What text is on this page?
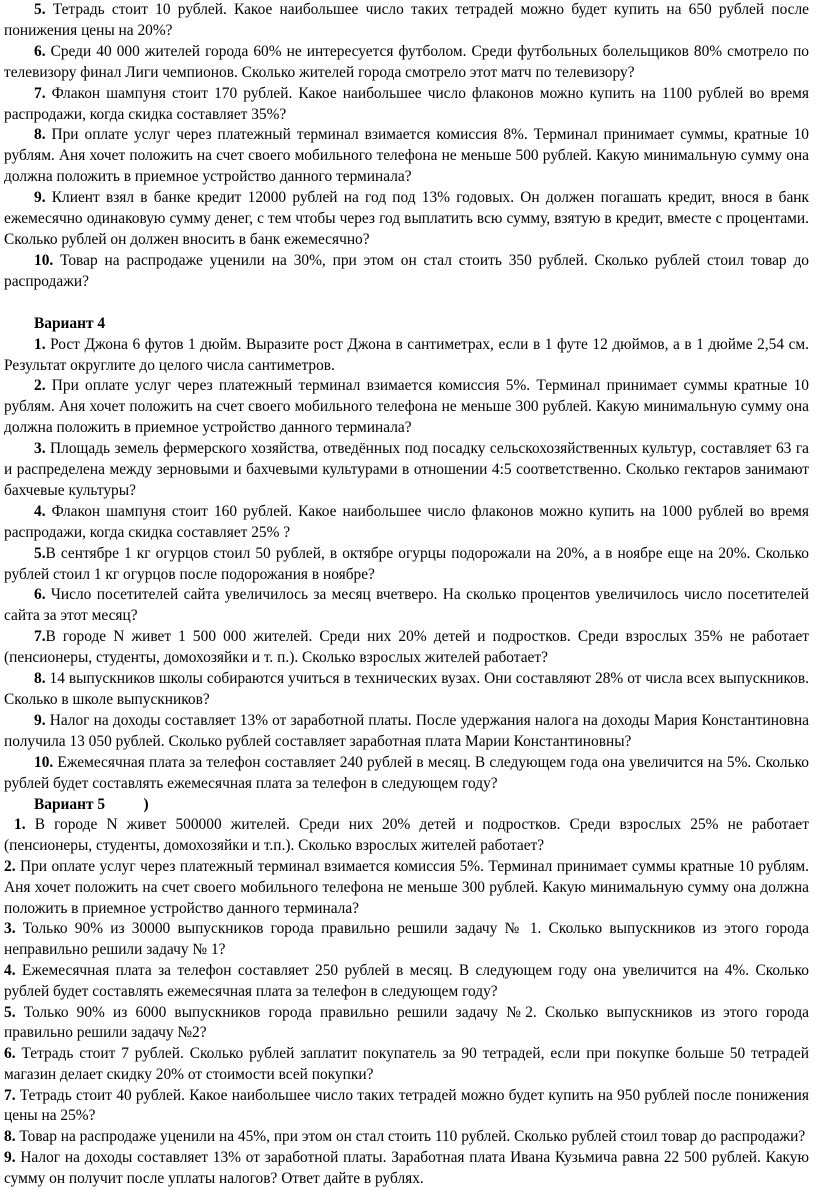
5. Тетрадь стоит 10 рублей. Какое наибольшее число таких тетрадей можно будет купить на 650 рублей после понижения цены на 20%?

6. Среди 40 000 жителей города 60% не интересуется футболом. Среди футбольных болельщиков 80% смотрело по телевизору финал Лиги чемпионов. Сколько жителей города смотрело этот матч по телевизору?

7. Флакон шампуня стоит 170 рублей. Какое наибольшее число флаконов можно купить на 1100 рублей во время распродажи, когда скидка составляет 35%?

8. При оплате услуг через платежный терминал взимается комиссия 8%. Терминал принимает суммы, кратные 10 рублям. Аня хочет положить на счет своего мобильного телефона не меньше 500 рублей. Какую минимальную сумму она должна положить в приемное устройство данного терминала?

9. Клиент взял в банке кредит 12000 рублей на год под 13% годовых. Он должен погашать кредит, внося в банк ежемесячно одинаковую сумму денег, с тем чтобы через год выплатить всю сумму, взятую в кредит, вместе с процентами. Сколько рублей он должен вносить в банк ежемесячно?

10. Товар на распродаже уценили на 30%, при этом он стал стоить 350 рублей. Сколько рублей стоил товар до распродажи?

Вариант 4

1. Рост Джона 6 футов 1 дюйм. Выразите рост Джона в сантиметрах, если в 1 футе 12 дюймов, а в 1 дюйме 2,54 см. Результат округлите до целого числа сантиметров.

2. При оплате услуг через платежный терминал взимается комиссия 5%. Терминал принимает суммы кратные 10 рублям. Аня хочет положить на счет своего мобильного телефона не меньше 300 рублей. Какую минимальную сумму она должна положить в приемное устройство данного терминала?

3. Площадь земель фермерского хозяйства, отведённых под посадку сельскохозяйственных культур, составляет 63 га и распределена между зерновыми и бахчевыми культурами в отношении 4:5 соответственно. Сколько гектаров занимают бахчевые культуры?

4. Флакон шампуня стоит 160 рублей. Какое наибольшее число флаконов можно купить на 1000 рублей во время распродажи, когда скидка составляет 25% ?

5.В сентябре 1 кг огурцов стоил 50 рублей, в октябре огурцы подорожали на 20%, а в ноябре еще на 20%. Сколько рублей стоил 1 кг огурцов после подорожания в ноябре?

6. Число посетителей сайта увеличилось за месяц вчетверо. На сколько процентов увеличилось число посетителей сайта за этот месяц?

7.В городе N живет 1 500 000 жителей. Среди них 20% детей и подростков. Среди взрослых 35% не работает (пенсионеры, студенты, домохозяйки и т. п.). Сколько взрослых жителей работает?

8. 14 выпускников школы собираются учиться в технических вузах. Они составляют 28% от числа всех выпускников. Сколько в школе выпускников?

9. Налог на доходы составляет 13% от заработной платы. После удержания налога на доходы Мария Константиновна получила 13 050 рублей. Сколько рублей составляет заработная плата Марии Константиновны?

10. Ежемесячная плата за телефон составляет 240 рублей в месяц. В следующем года она увеличится на 5%. Сколько рублей будет составлять ежемесячная плата за телефон в следующем году?

Вариант 5          )

1. В городе N живет 500000 жителей. Среди них 20% детей и подростков. Среди взрослых 25% не работает (пенсионеры, студенты, домохозяйки и т.п.). Сколько взрослых жителей работает?

2. При оплате услуг через платежный терминал взимается комиссия 5%. Терминал принимает суммы кратные 10 рублям. Аня хочет положить на счет своего мобильного телефона не меньше 300 рублей. Какую минимальную сумму она должна положить в приемное устройство данного терминала?

3. Только 90% из 30000 выпускников города правильно решили задачу № 1. Сколько выпускников из этого города неправильно решили задачу № 1?

4. Ежемесячная плата за телефон составляет 250 рублей в месяц. В следующем году она увеличится на 4%. Сколько рублей будет составлять ежемесячная плата за телефон в следующем году?

5. Только 90% из 6000 выпускников города правильно решили задачу №2. Сколько выпускников из этого города правильно решили задачу №2?

6. Тетрадь стоит 7 рублей. Сколько рублей заплатит покупатель за 90 тетрадей, если при покупке больше 50 тетрадей магазин делает скидку 20% от стоимости всей покупки?

7. Тетрадь стоит 40 рублей. Какое наибольшее число таких тетрадей можно будет купить на 950 рублей после понижения цены на 25%?

8. Товар на распродаже уценили на 45%, при этом он стал стоить 110 рублей. Сколько рублей стоил товар до распродажи?

9. Налог на доходы составляет 13% от заработной платы. Заработная плата Ивана Кузьмича равна 22 500 рублей. Какую сумму он получит после уплаты налогов? Ответ дайте в рублях.
